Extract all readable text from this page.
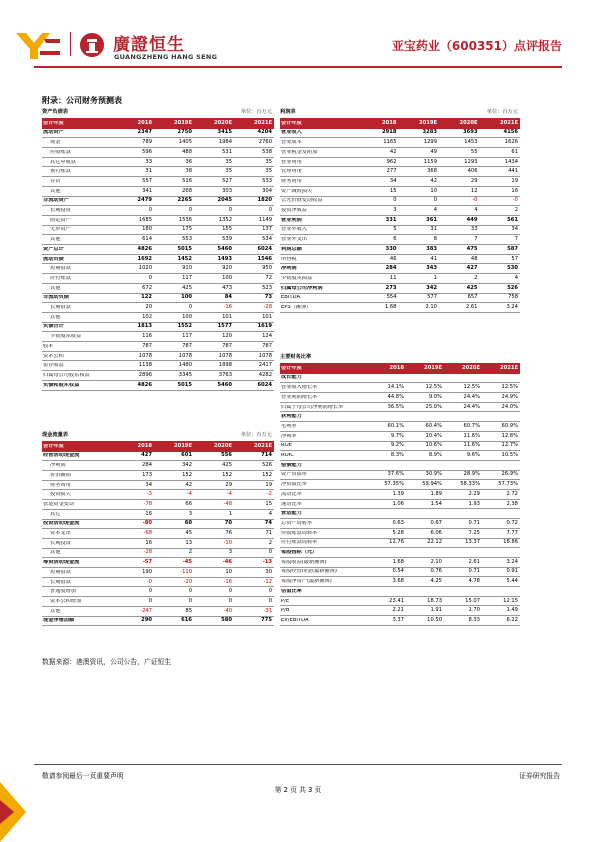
廣證恒生
GUANGZHENG HANG SENG
亚宝药业（600351）点评报告
附录：公司财务预测表
资产负债表	单位：百万元
会计年度	2018	2019E	2020E	2021E
流动资产	2347	2750	3415	4204
现金	789	1405	1984	2760
应收账款	596	488	531	538
其它应收款	33	36	35	35
预付账款	31	38	35	35
存货	557	516	527	533
其他	341	268	303	304
非流动资产	2479	2265	2045	1820
长期投资	0	0	0	0
固定资产	1685	1536	1352	1149
无形资产	180	175	155	137
其他	614	553	539	534
资产总计	4826	5015	5460	6024
流动负债	1692	1452	1493	1546
短期借款	1020	910	920	950
应付账款	0	117	100	72
其他	672	425	473	523
非流动负债	122	100	84	73
长期借款	20	0	-16	-28
其他	102	100	101	101
负债合计	1813	1552	1577	1619
少数股东权益	116	117	120	124
股本	787	787	787	787
资本公积	1078	1078	1078	1078
留存收益	1138	1480	1898	2417
归属母公司股东权益	2896	3345	3763	4282
负债和股东权益	4826	5015	5460	6024
利润表	单位：百万元
会计年度	2018	2019E	2020E	2021E
营业收入	2918	3283	3693	4156
营业成本	1165	1299	1453	1626
营业税金及附加	42	49	55	61
营业费用	962	1159	1293	1434
管理费用	277	368	406	441
财务费用	34	42	29	19
资产减值损失	15	10	12	16
公允价值变动收益	0	0	-0	-0
投资净收益	3	4	4	2
营业利润	331	361	449	561
营业外收入	5	31	33	34
营业外支出	6	8	7	7
利润总额	330	383	475	587
所得税	46	41	48	57
净利润	284	343	427	530
少数股东损益	11	1	2	4
归属母公司净利润	273	342	425	526
EBITDA	554	577	657	758
EPS（摊薄）	1.68	2.10	2.61	3.24
主要财务比率
会计年度	2018	2019E	2020E	2021E
成长能力
营业收入增长率	14.1%	12.5%	12.5%	12.5%
营业利润增长率	44.8%	9.0%	24.4%	24.9%
归属于母公司净利润增长率	36.5%	25.0%	24.4%	24.0%
获利能力
毛利率	60.1%	60.4%	60.7%	60.9%
净利率	9.7%	10.4%	11.6%	12.8%
ROE	9.2%	10.6%	11.6%	12.7%
ROIC	8.3%	8.9%	9.6%	10.5%
偿债能力
资产负债率	37.6%	30.9%	28.9%	26.9%
净负债比率	57.35%	59.94%	58.33%	57.73%
流动比率	1.39	1.89	2.29	2.72
速动比率	1.06	1.54	1.93	2.38
营运能力
总资产周转率	0.63	0.67	0.71	0.72
应收账款周转率	5.28	6.06	7.25	7.77
应付账款周转率	12.76	22.12	13.37	18.86
每股指标（元）
每股收益(最新摊薄)	1.68	2.10	2.61	3.24
每股经营现金(最新摊薄)	0.54	0.76	0.71	0.91
每股净资产(最新摊薄)	3.68	4.25	4.78	5.44
估值比率
P/E	23.41	18.73	15.07	12.15
P/B	2.21	1.91	1.70	1.49
EV/EBITDA	3.37	10.50	8.33	6.22
现金流量表	单位：百万元
会计年度	2018	2019E	2020E	2021E
经营活动现金流	427	601	556	714
净利润	284	342	425	526
折旧摊销	173	152	152	152
财务费用	34	42	29	19
投资损失	-3	-4	-4	-2
营运资金变动	-78	66	-48	15
其它	16	3	1	4
投资活动现金流	-80	60	70	74
资本支出	-68	45	76	71
长期投资	16	13	-10	2
其他	-28	2	3	0
筹资活动现金流	-57	-45	-46	-13
短期借款	190	-110	10	30
长期借款	-0	-20	-16	-12
普通股增加	0	0	0	0
资本公积增加	0	0	0	0
其他	-247	85	-40	-31
现金净增加额	290	616	580	775
数据来源：港澳资讯，公司公告，广证恒生
敬请参阅最后一页重要声明	证券研究报告
第 2 页 共 3 页
